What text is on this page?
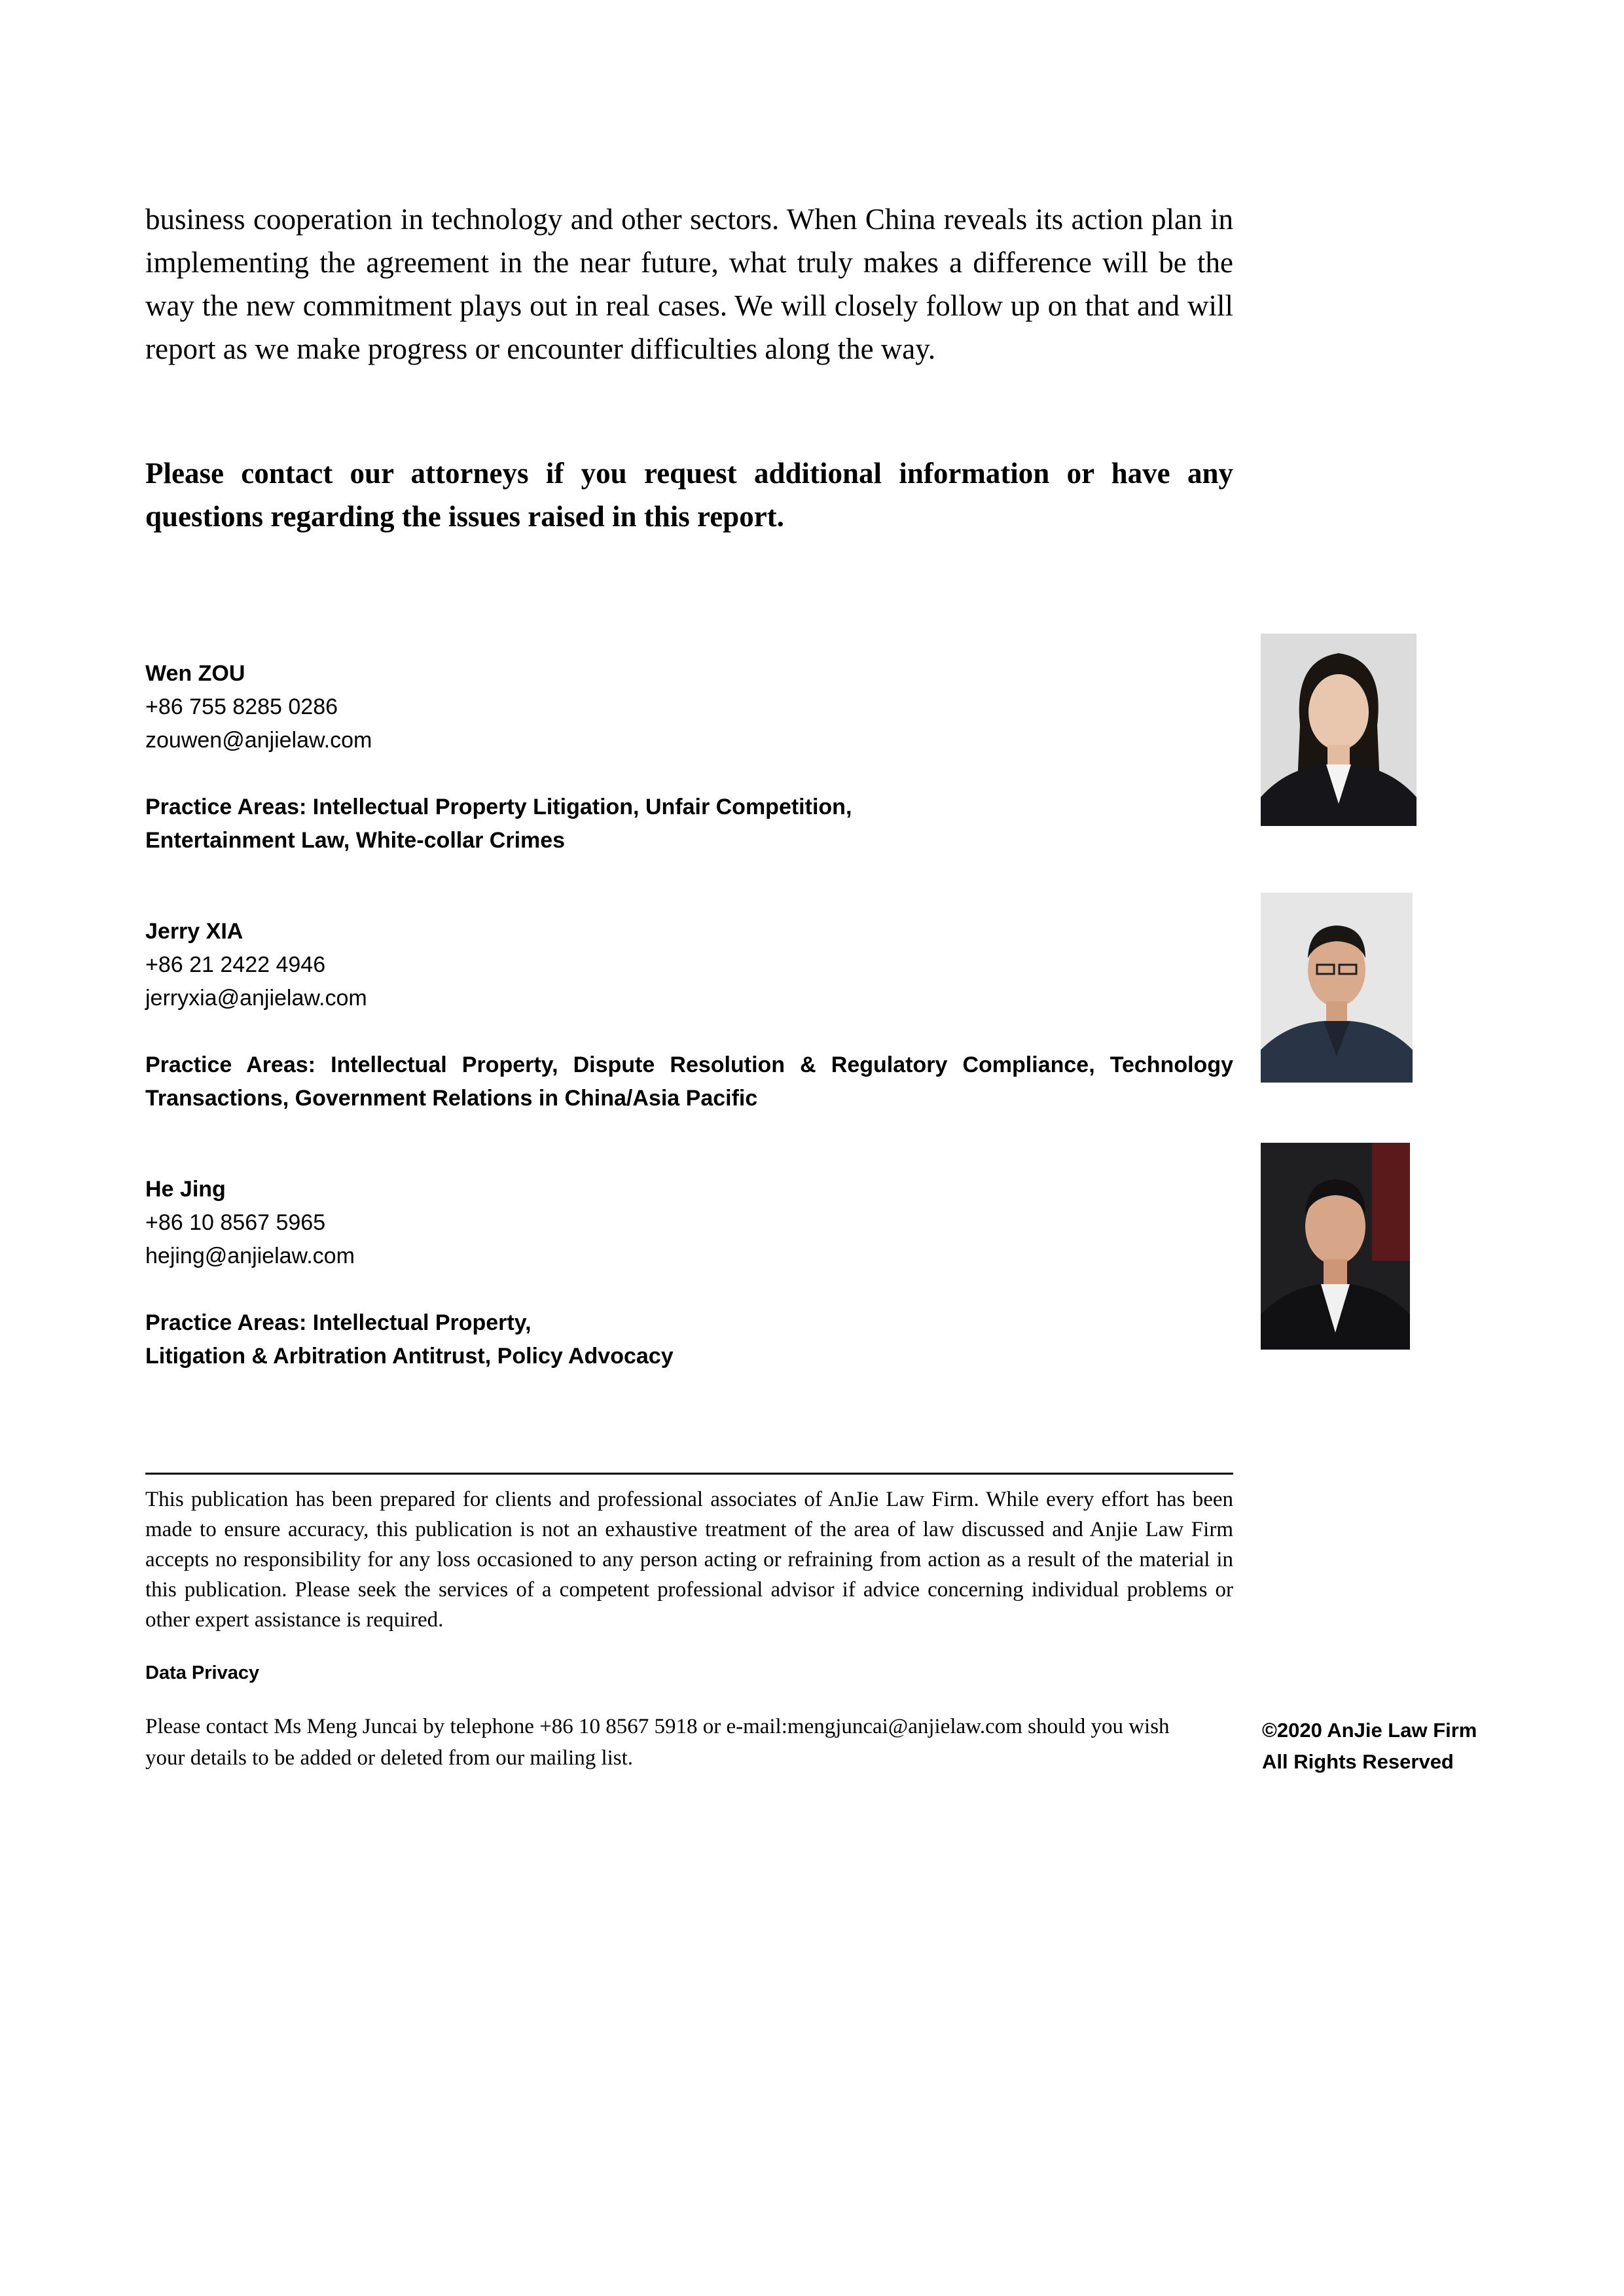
business cooperation in technology and other sectors. When China reveals its action plan in implementing the agreement in the near future, what truly makes a difference will be the way the new commitment plays out in real cases. We will closely follow up on that and will report as we make progress or encounter difficulties along the way.

Please contact our attorneys if you request additional information or have any questions regarding the issues raised in this report.

Wen ZOU
+86 755 8285 0286
zouwen@anjielaw.com
Practice Areas: Intellectual Property Litigation, Unfair Competition,
Entertainment Law, White-collar Crimes
Jerry XIA
+86 21 2422 4946
jerryxia@anjielaw.com
Practice Areas: Intellectual Property, Dispute Resolution & Regulatory Compliance, Technology
Transactions, Government Relations in China/Asia Pacific
He Jing
+86 10 8567 5965
hejing@anjielaw.com
Practice Areas: Intellectual Property,
Litigation & Arbitration Antitrust, Policy Advocacy

This publication has been prepared for clients and professional associates of AnJie Law Firm. While every effort has been made to ensure accuracy, this publication is not an exhaustive treatment of the area of law discussed and Anjie Law Firm accepts no responsibility for any loss occasioned to any person acting or refraining from action as a result of the material in this publication. Please seek the services of a competent professional advisor if advice concerning individual problems or other expert assistance is required.

Data Privacy

Please contact Ms Meng Juncai by telephone +86 10 8567 5918 or e-mail:mengjuncai@anjielaw.com should you wish
your details to be added or deleted from our mailing list.

©2020 AnJie Law Firm
All Rights Reserved
